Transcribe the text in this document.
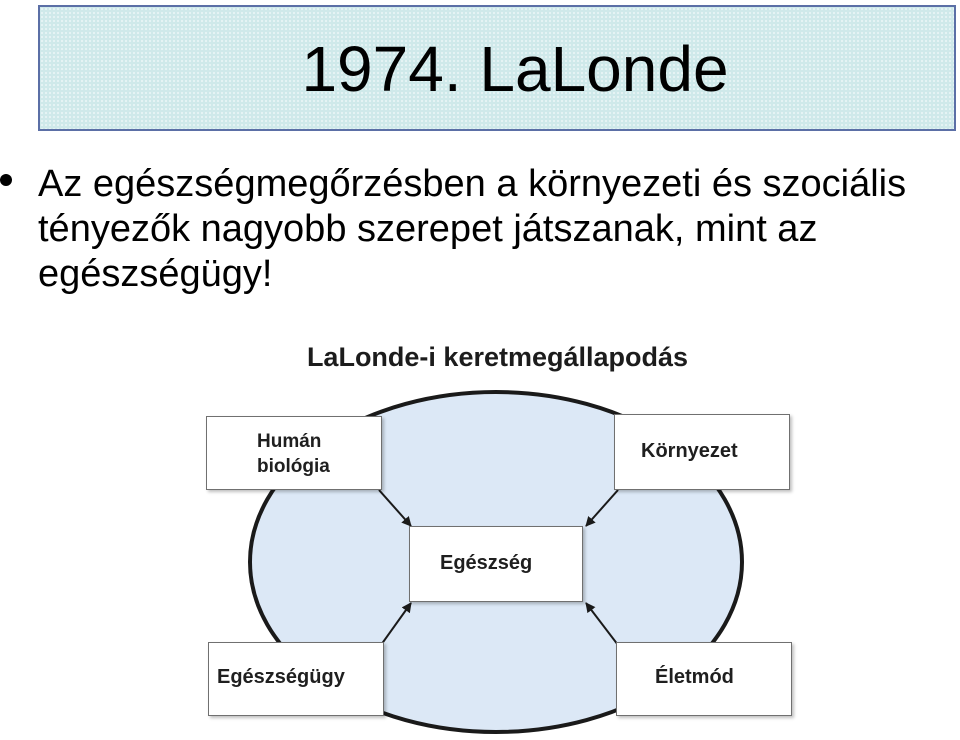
1974. LaLonde
Az egészségmegőrzésben a környezeti és szociális tényezők nagyobb szerepet játszanak, mint az egészségügy!
LaLonde-i keretmegállapodás
Humán biológia
Környezet
Egészség
Egészségügy	Életmód
